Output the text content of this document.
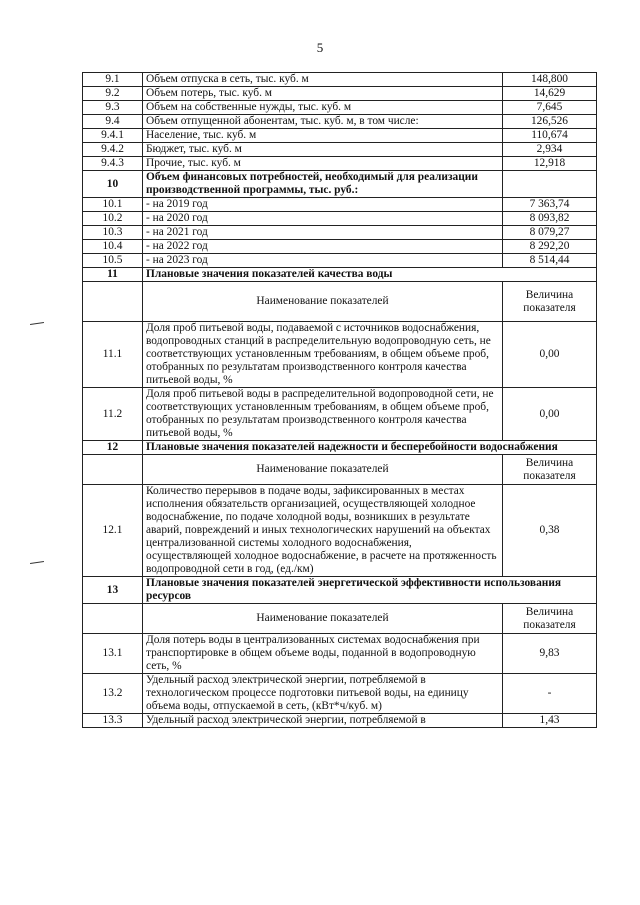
5
9.1	Объем отпуска в сеть, тыс. куб. м	148,800
9.2	Объем потерь, тыс. куб. м	14,629
9.3	Объем на собственные нужды, тыс. куб. м	7,645
9.4	Объем отпущенной абонентам, тыс. куб. м, в том числе:	126,526
9.4.1	Население, тыс. куб. м	110,674
9.4.2	Бюджет, тыс. куб. м	2,934
9.4.3	Прочие, тыс. куб. м	12,918
10	Объем финансовых потребностей, необходимый для реализации производственной программы, тыс. руб.:	
10.1	- на 2019 год	7 363,74
10.2	- на 2020 год	8 093,82
10.3	- на 2021 год	8 079,27
10.4	- на 2022 год	8 292,20
10.5	- на 2023 год	8 514,44
11	Плановые значения показателей качества воды	
	Наименование показателей	Величина показателя
11.1	Доля проб питьевой воды, подаваемой с источников водоснабжения, водопроводных станций в распределительную водопроводную сеть, не соответствующих установленным требованиям, в общем объеме проб, отобранных по результатам производственного контроля качества питьевой воды, %	0,00
11.2	Доля проб питьевой воды в распределительной водопроводной сети, не соответствующих установленным требованиям, в общем объеме проб, отобранных по результатам производственного контроля качества питьевой воды, %	0,00
12	Плановые значения показателей надежности и бесперебойности водоснабжения	
	Наименование показателей	Величина показателя
12.1	Количество перерывов в подаче воды, зафиксированных в местах исполнения обязательств организацией, осуществляющей холодное водоснабжение, по подаче холодной воды, возникших в результате аварий, повреждений и иных технологических нарушений на объектах централизованной системы холодного водоснабжения, осуществляющей холодное водоснабжение, в расчете на протяженность водопроводной сети в год, (ед./км)	0,38
13	Плановые значения показателей энергетической эффективности использования ресурсов	
	Наименование показателей	Величина показателя
13.1	Доля потерь воды в централизованных системах водоснабжения при транспортировке в общем объеме воды, поданной в водопроводную сеть, %	9,83
13.2	Удельный расход электрической энергии, потребляемой в технологическом процессе подготовки питьевой воды, на единицу объема воды, отпускаемой в сеть, (кВт*ч/куб. м)	-
13.3	Удельный расход электрической энергии, потребляемой в	1,43
